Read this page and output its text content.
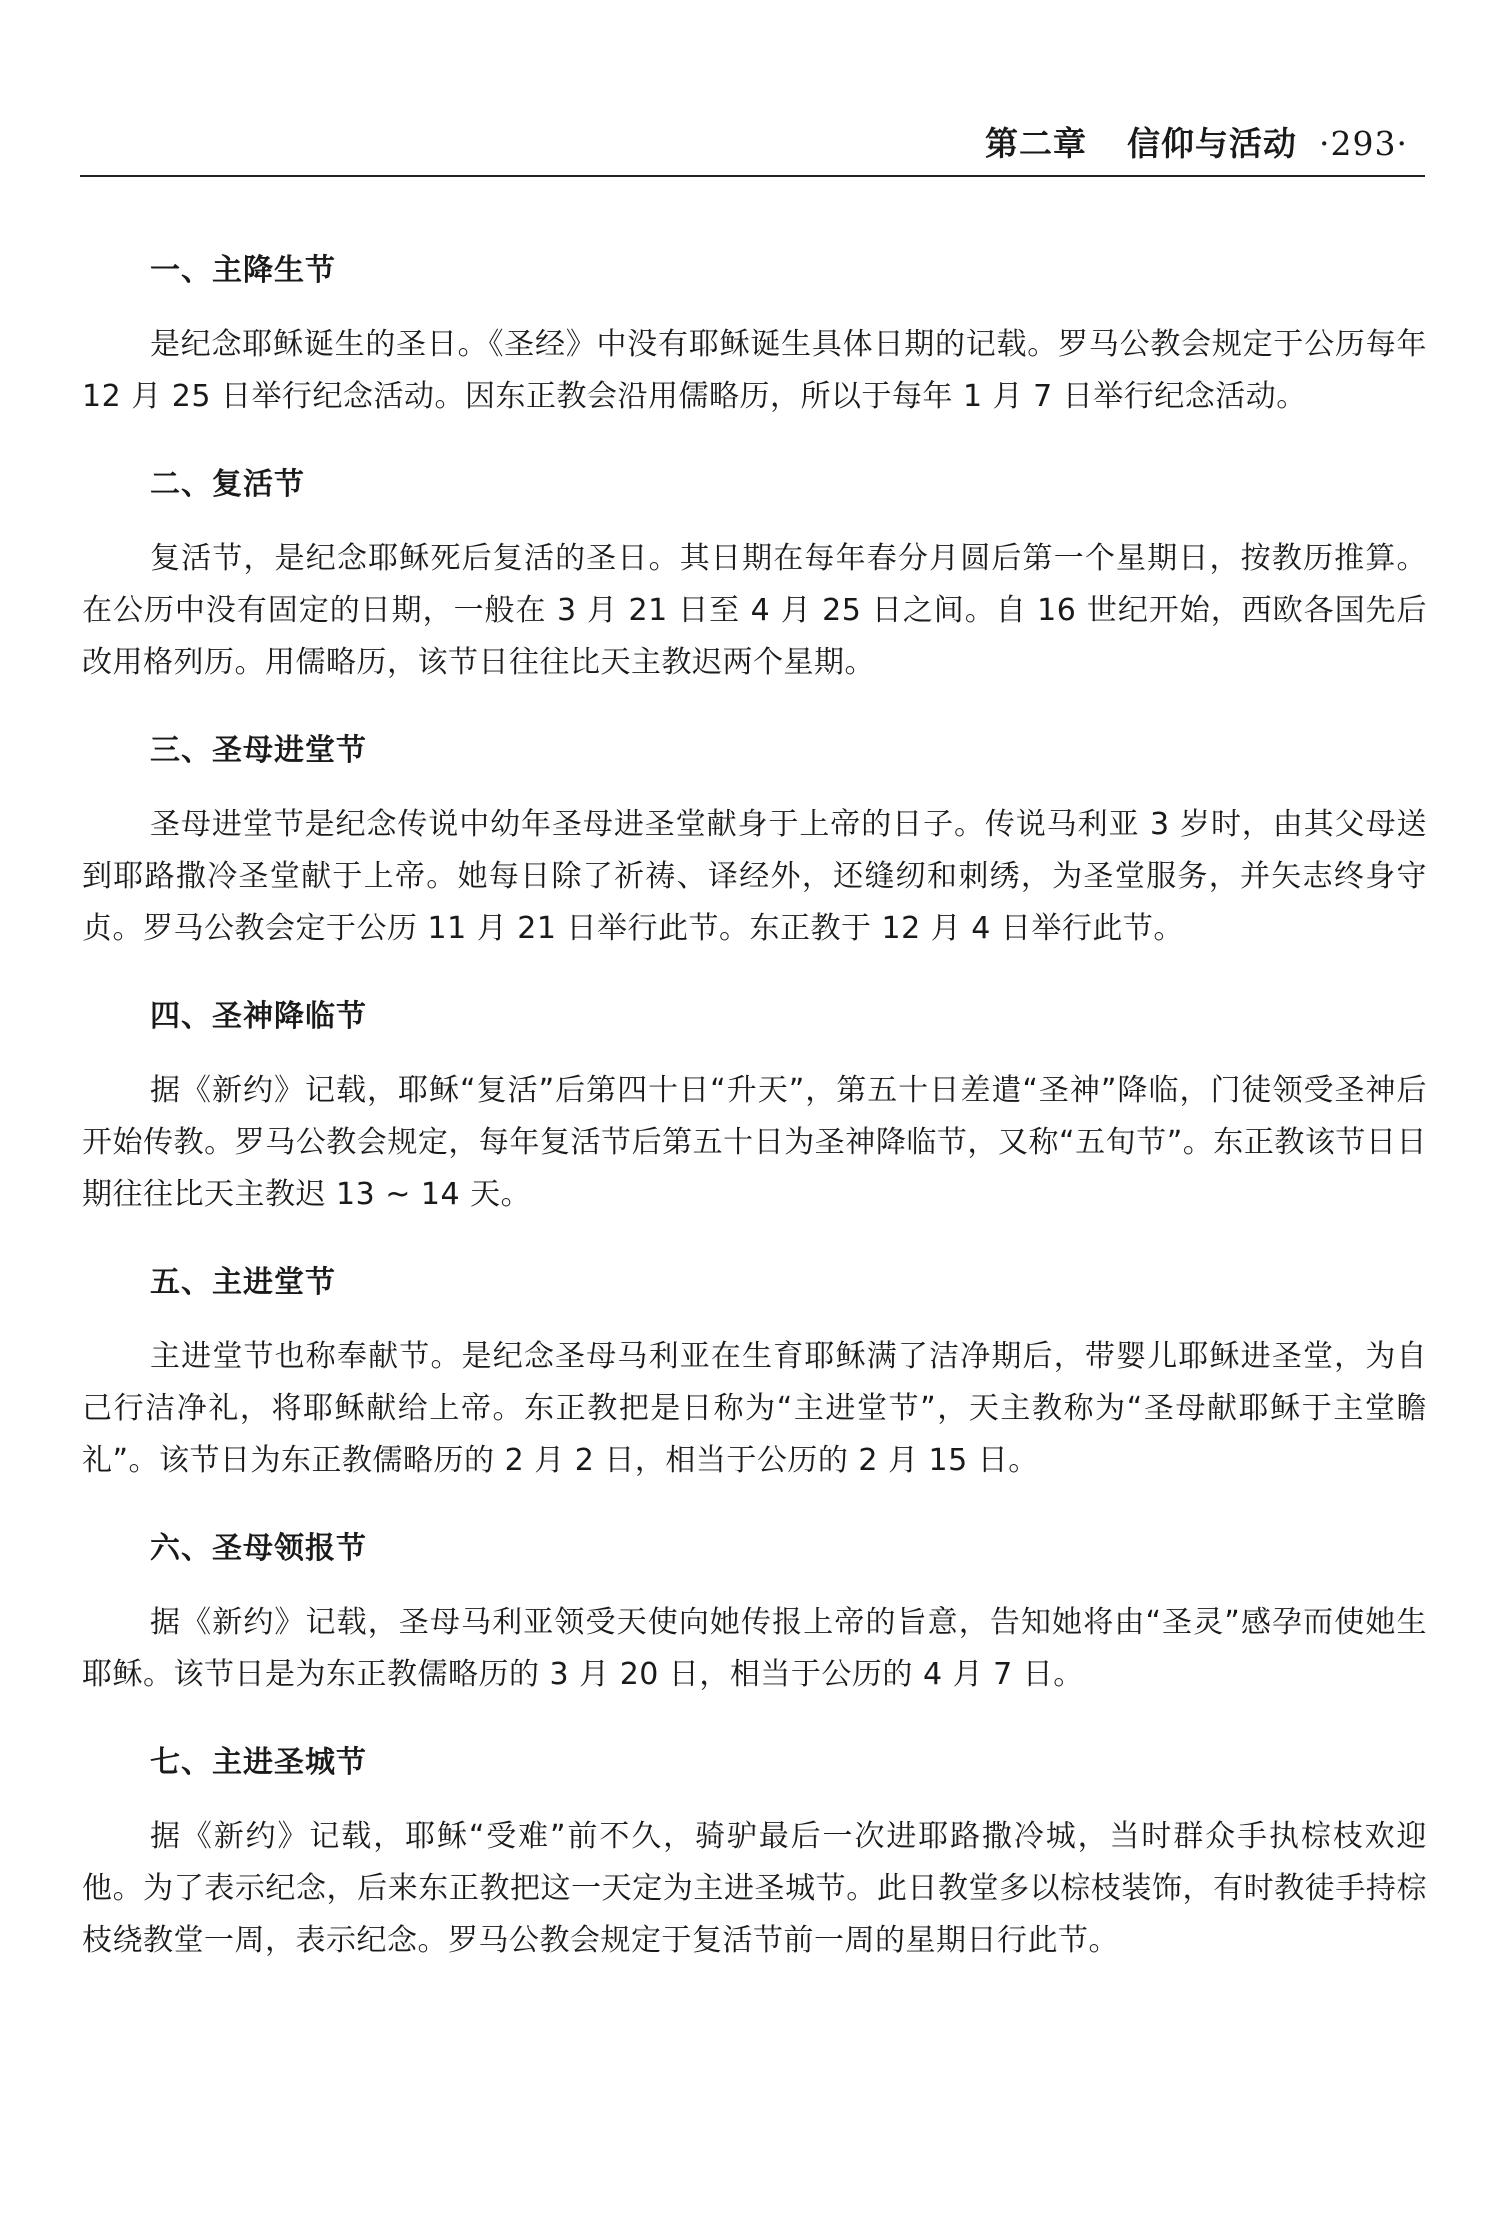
第二章 信仰与活动 ·293·
一、主降生节

是纪念耶稣诞生的圣日。《圣经》中没有耶稣诞生具体日期的记载。罗马公教会规定于公历每年 12 月 25 日举行纪念活动。因东正教会沿用儒略历，所以于每年 1 月 7 日举行纪念活动。

二、复活节

复活节，是纪念耶稣死后复活的圣日。其日期在每年春分月圆后第一个星期日，按教历推算。在公历中没有固定的日期，一般在 3 月 21 日至 4 月 25 日之间。自 16 世纪开始，西欧各国先后改用格列历。用儒略历，该节日往往比天主教迟两个星期。

三、圣母进堂节

圣母进堂节是纪念传说中幼年圣母进圣堂献身于上帝的日子。传说马利亚 3 岁时，由其父母送到耶路撒冷圣堂献于上帝。她每日除了祈祷、译经外，还缝纫和刺绣，为圣堂服务，并矢志终身守贞。罗马公教会定于公历 11 月 21 日举行此节。东正教于 12 月 4 日举行此节。

四、圣神降临节

据《新约》记载，耶稣“复活”后第四十日“升天”，第五十日差遣“圣神”降临，门徒领受圣神后开始传教。罗马公教会规定，每年复活节后第五十日为圣神降临节，又称“五旬节”。东正教该节日日期往往比天主教迟 13 ~ 14 天。

五、主进堂节

主进堂节也称奉献节。是纪念圣母马利亚在生育耶稣满了洁净期后，带婴儿耶稣进圣堂，为自己行洁净礼，将耶稣献给上帝。东正教把是日称为“主进堂节”，天主教称为“圣母献耶稣于主堂瞻礼”。该节日为东正教儒略历的 2 月 2 日，相当于公历的 2 月 15 日。

六、圣母领报节

据《新约》记载，圣母马利亚领受天使向她传报上帝的旨意，告知她将由“圣灵”感孕而使她生耶稣。该节日是为东正教儒略历的 3 月 20 日，相当于公历的 4 月 7 日。

七、主进圣城节

据《新约》记载，耶稣“受难”前不久，骑驴最后一次进耶路撒冷城，当时群众手执棕枝欢迎他。为了表示纪念，后来东正教把这一天定为主进圣城节。此日教堂多以棕枝装饰，有时教徒手持棕枝绕教堂一周，表示纪念。罗马公教会规定于复活节前一周的星期日行此节。
